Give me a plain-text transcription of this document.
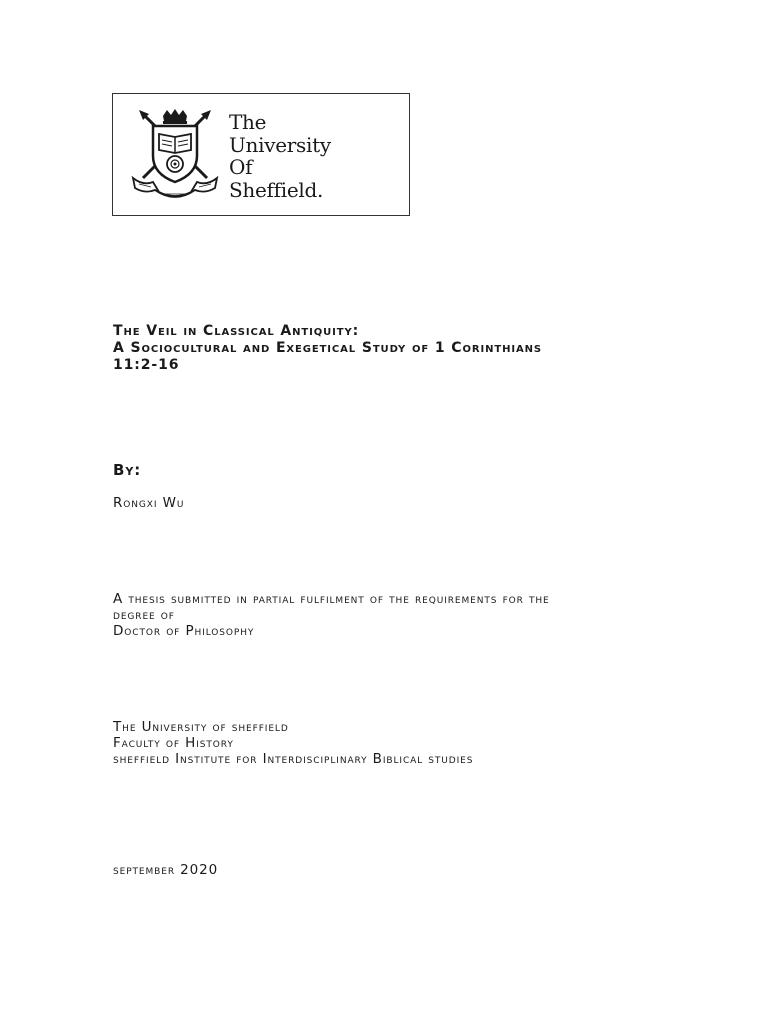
The
University
Of
Sheffield.
The Veil in Classical Antiquity:
A Sociocultural and Exegetical Study of 1 Corinthians
11:2-16
By:
Rongxi Wu
A thesis submitted in partial fulfilment of the requirements for the
degree of
Doctor of Philosophy
The University of sheffield
Faculty of History
sheffield Institute for Interdisciplinary Biblical studies
september 2020
